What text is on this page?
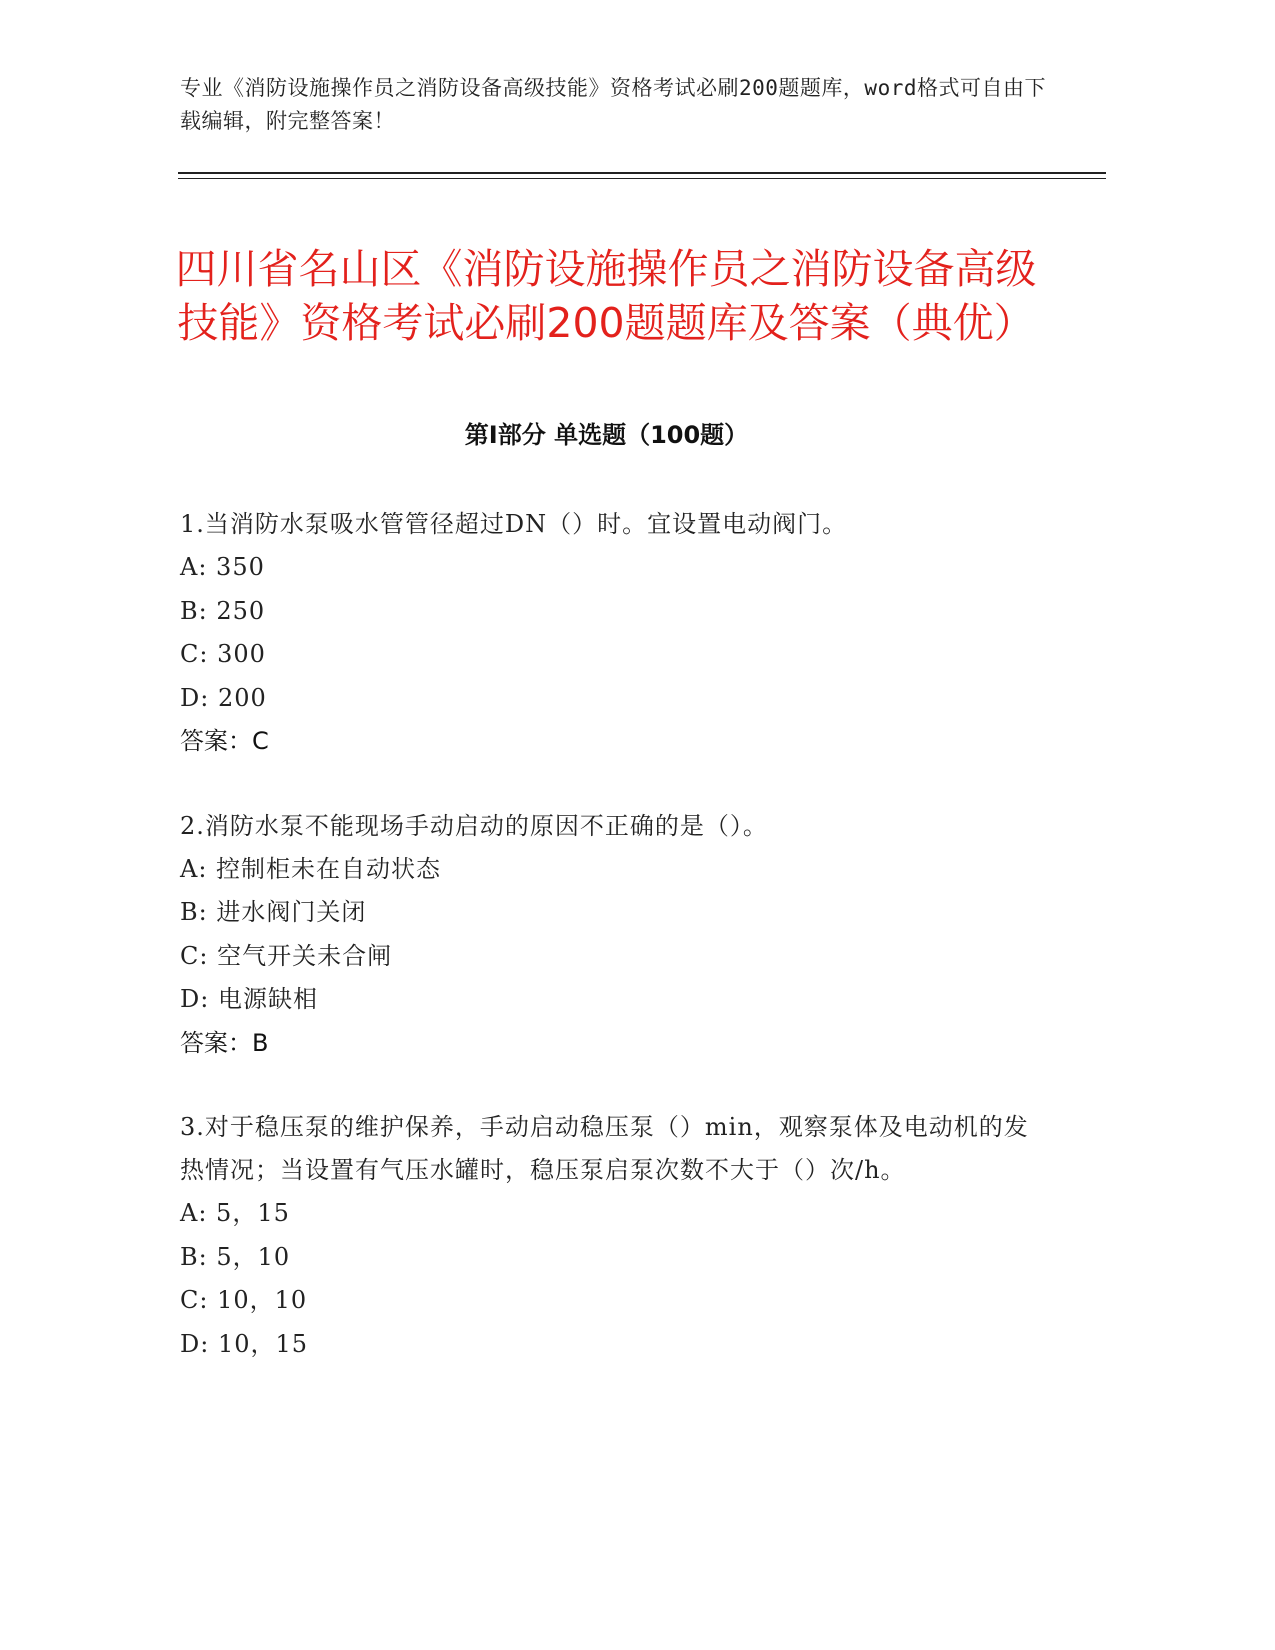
专业《消防设施操作员之消防设备高级技能》资格考试必刷200题题库，word格式可自由下载编辑，附完整答案！
四川省名山区《消防设施操作员之消防设备高级技能》资格考试必刷200题题库及答案（典优）
第Ⅰ部分 单选题（100题）
1.当消防水泵吸水管管径超过DN（）时。宜设置电动阀门。
A: 350
B: 250
C: 300
D: 200
答案：C
2.消防水泵不能现场手动启动的原因不正确的是（）。
A: 控制柜未在自动状态
B: 进水阀门关闭
C: 空气开关未合闸
D: 电源缺相
答案：B
3.对于稳压泵的维护保养，手动启动稳压泵（）min，观察泵体及电动机的发热情况；当设置有气压水罐时，稳压泵启泵次数不大于（）次/h。
A: 5，15
B: 5，10
C: 10，10
D: 10，15
